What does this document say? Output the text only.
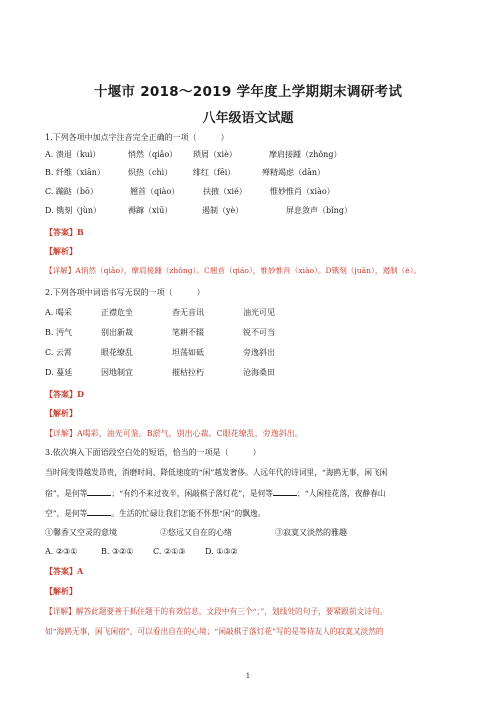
十堰市 2018～2019 学年度上学期期末调研考试
八年级语文试题
1.下列各项中加点字注音完全正确的一项（　　　）
A. 溃退（kuì）	悄然（qiǎo） 琐屑（xiè）	摩肩接踵（zhǒng）
B. 纤维（xiān）	炽热（chì）	绯红（fēi）	殚精竭虑（dān）
C. 蹦跶（bō）	翘首（qiào）	扶掖（xié）	惟妙惟肖（xiào）
D. 镌刻（jùn）	褥蹿（xiū）	遏制（yè）	屏息敛声（bǐng）
【答案】B
【解析】
【详解】A悄然（qiǎo），摩肩接踵（zhǒng）。C翘首（qiáo），惟妙惟肖（xiào）。D镌刻（juān），遏制（è）。
2.下列各项中词语书写无误的一项（　　　）
A. 喝采	正襟危坐	杳无音讯	油光可见
B. 沔气	别出新裁	笔耕不辍	锐不可当
C. 云霄	眼花缭乱	坦荡如砥	旁逸斜出
D. 蔓延	因地制宜	摧枯拉朽	沧海桑田
【答案】D
【解析】
【详解】A喝彩，油光可鉴。B淤气，别出心裁。C眼花缭乱，旁逸斜出。
3.依次填入下面语段空白处的短语，恰当的一项是（　　　）
当时间变得越发昂贵，消磨时间、降低速度的“闲”越发奢侈。人远年代的诗词里，“海鸥无事，闲飞闲
宿”，是何等	；“有约不来过夜半，闲敲棋子落灯花”，是何等	；“人闲桂花落，夜静春山
空”，是何等	。生活的忙碌让我们怎能不怀想“闲”的飘逸。
①馨香又空灵的意境	②悠远又自在的心绪	③寂寞又淡然的雅趣
A. ②③①	B. ③②① C. ②①③ D. ①③②
【答案】A
【解析】
【详解】解答此题要善于抓住题干的有效信息，文段中有三个“；”，划线处的句子，要紧跟前文诗句。
如“海鸥无事，闲飞闲宿”，可以看出自在的心境；“闲敲棋子落灯花”写的是等待友人的寂寞又淡然的
1
